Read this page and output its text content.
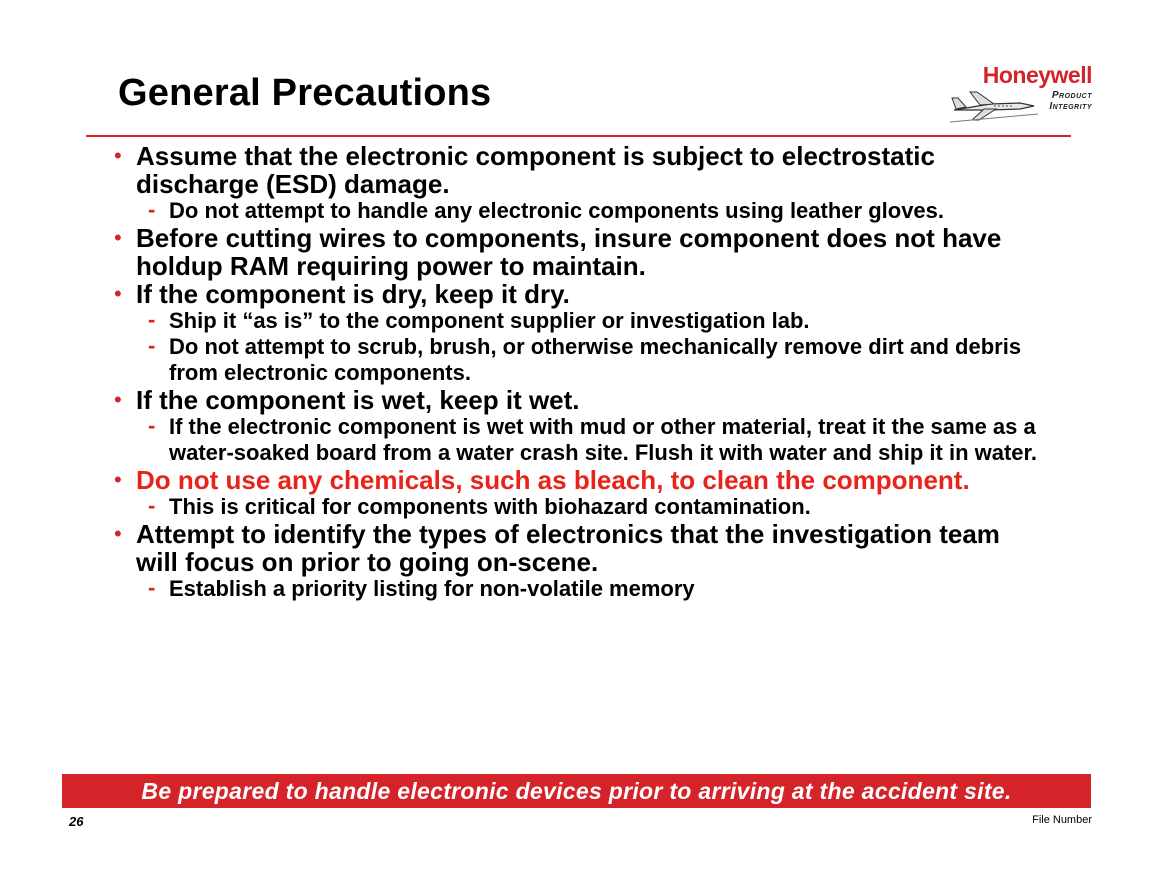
General Precautions	Honeywell
Product
Integrity
• Assume that the electronic component is subject to electrostatic discharge (ESD) damage.
- Do not attempt to handle any electronic components using leather gloves.
• Before cutting wires to components, insure component does not have holdup RAM requiring power to maintain.
• If the component is dry, keep it dry.
- Ship it “as is” to the component supplier or investigation lab.
- Do not attempt to scrub, brush, or otherwise mechanically remove dirt and debris from electronic components.
• If the component is wet, keep it wet.
- If the electronic component is wet with mud or other material, treat it the same as a water-soaked board from a water crash site. Flush it with water and ship it in water.
• Do not use any chemicals, such as bleach, to clean the component.
- This is critical for components with biohazard contamination.
• Attempt to identify the types of electronics that the investigation team will focus on prior to going on-scene.
- Establish a priority listing for non-volatile memory
Be prepared to handle electronic devices prior to arriving at the accident site.
26	File Number
